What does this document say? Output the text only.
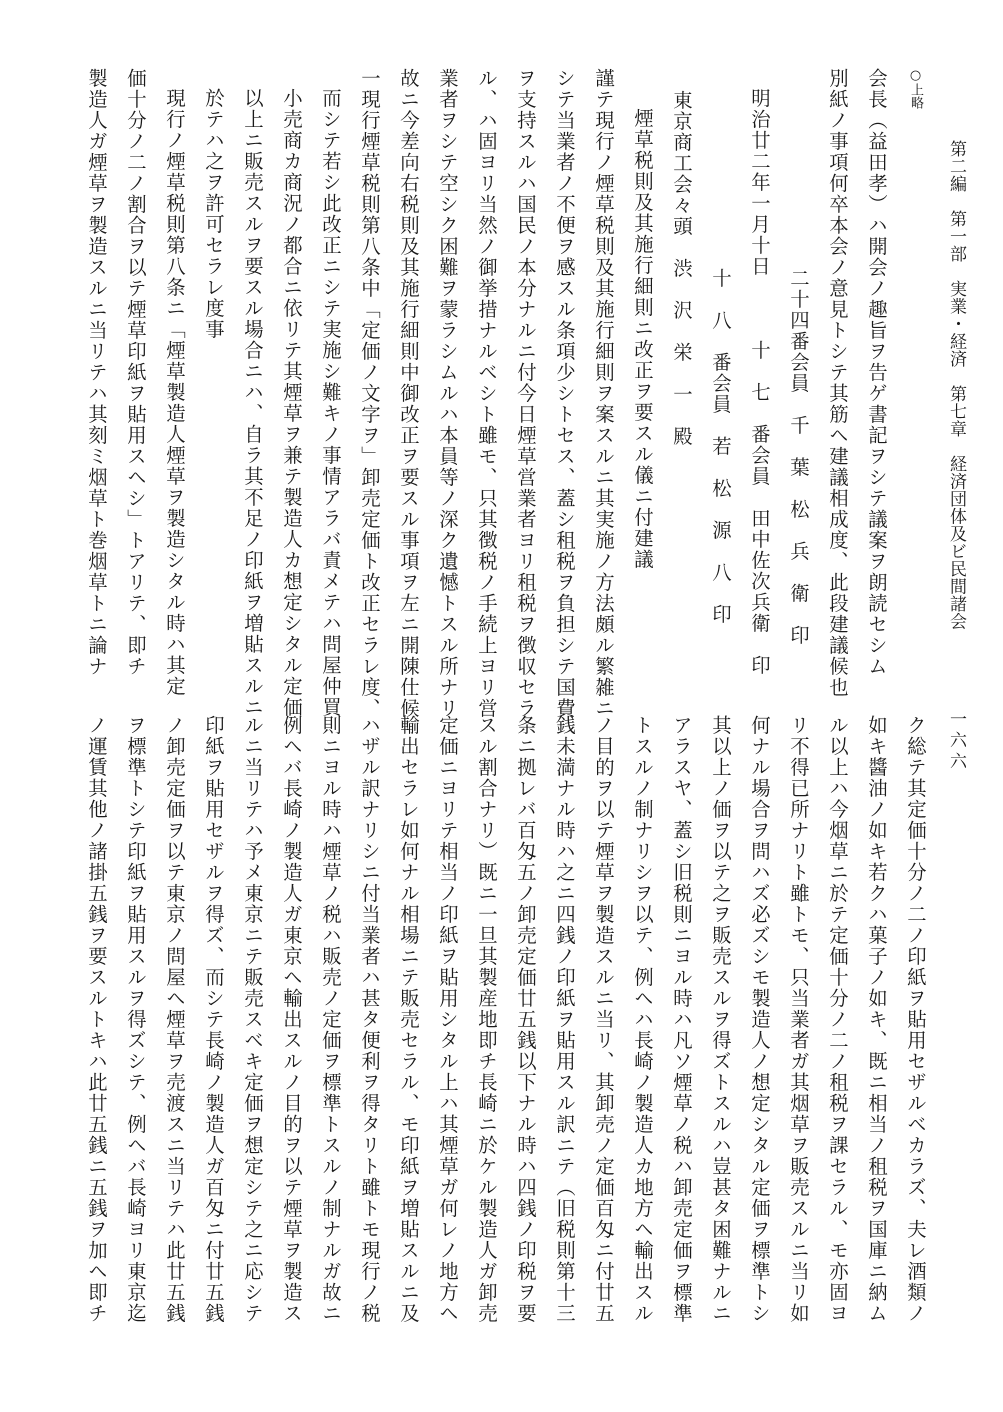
第二編　第一部　実業・経済　第七章　経済団体及ビ民間諸会
一六六
○上略
会長（益田孝）ハ開会ノ趣旨ヲ告ゲ書記ヲシテ議案ヲ朗読セシム
別紙ノ事項何卒本会ノ意見トシテ其筋ヘ建議相成度、此段建議候也
二十四番会員　千　葉　松　兵　衛　印
明治廿二年一月十日　　　十　七　番会員　田中佐次兵衛　印
十　八　番会員　若　松　源　八　印
東京商工会々頭　渋　沢　栄　一　殿
煙草税則及其施行細則ニ改正ヲ要スル儀ニ付建議
謹テ現行ノ煙草税則及其施行細則ヲ案スルニ其実施ノ方法頗ル繁雑ニ
シテ当業者ノ不便ヲ感スル条項少シトセス、蓋シ租税ヲ負担シテ国費
ヲ支持スルハ国民ノ本分ナルニ付今日煙草営業者ヨリ租税ヲ徴収セラ
ル、ハ固ヨリ当然ノ御挙措ナルベシト雖モ、只其徴税ノ手続上ヨリ営
業者ヲシテ空シク困難ヲ蒙ラシムルハ本員等ノ深ク遺憾トスル所ナリ
故ニ今差向右税則及其施行細則中御改正ヲ要スル事項ヲ左ニ開陳仕候
一現行煙草税則第八条中「定価ノ文字ヲ」卸売定価ト改正セラレ度、
而シテ若シ此改正ニシテ実施シ難キノ事情アラバ責メテハ問屋仲買
小売商カ商況ノ都合ニ依リテ其煙草ヲ兼テ製造人カ想定シタル定価
以上ニ販売スルヲ要スル場合ニハ、自ラ其不足ノ印紙ヲ増貼スルニ
於テハ之ヲ許可セラレ度事
現行ノ煙草税則第八条ニ「煙草製造人煙草ヲ製造シタル時ハ其定
価十分ノ二ノ割合ヲ以テ煙草印紙ヲ貼用スヘシ」トアリテ、即チ
製造人ガ煙草ヲ製造スルニ当リテハ其刻ミ烟草ト巻烟草トニ論ナ
ク総テ其定価十分ノ二ノ印紙ヲ貼用セザルベカラズ、夫レ酒類ノ
如キ醬油ノ如キ若クハ菓子ノ如キ、既ニ相当ノ租税ヲ国庫ニ納ム
ル以上ハ今烟草ニ於テ定価十分ノ二ノ租税ヲ課セラル、モ亦固ヨ
リ不得已所ナリト雖トモ、只当業者ガ其烟草ヲ販売スルニ当リ如
何ナル場合ヲ問ハズ必ズシモ製造人ノ想定シタル定価ヲ標準トシ
其以上ノ価ヲ以テ之ヲ販売スルヲ得ズトスルハ豈甚タ困難ナルニ
アラスヤ、蓋シ旧税則ニヨル時ハ凡ソ煙草ノ税ハ卸売定価ヲ標準
トスルノ制ナリシヲ以テ、例ヘハ長崎ノ製造人カ地方ヘ輸出スル
ノ目的ヲ以テ煙草ヲ製造スルニ当リ、其卸売ノ定価百匁ニ付廿五
銭未満ナル時ハ之ニ四銭ノ印紙ヲ貼用スル訳ニテ（旧税則第十三
条ニ拠レバ百匁五ノ卸売定価廿五銭以下ナル時ハ四銭ノ印税ヲ要
スル割合ナリ）既ニ一旦其製産地即チ長崎ニ於ケル製造人ガ卸売
定価ニヨリテ相当ノ印紙ヲ貼用シタル上ハ其煙草ガ何レノ地方ヘ
輸出セラレ如何ナル相場ニテ販売セラル、モ印紙ヲ増貼スルニ及
ハザル訳ナリシニ付当業者ハ甚タ便利ヲ得タリト雖トモ現行ノ税
則ニヨル時ハ煙草ノ税ハ販売ノ定価ヲ標準トスルノ制ナルガ故ニ
例ヘバ長崎ノ製造人ガ東京ヘ輸出スルノ目的ヲ以テ煙草ヲ製造ス
ルニ当リテハ予メ東京ニテ販売スベキ定価ヲ想定シテ之ニ応シテ
印紙ヲ貼用セザルヲ得ズ、而シテ長崎ノ製造人ガ百匁ニ付廿五銭
ノ卸売定価ヲ以テ東京ノ問屋ヘ煙草ヲ売渡スニ当リテハ此廿五銭
ヲ標準トシテ印紙ヲ貼用スルヲ得ズシテ、例ヘバ長崎ヨリ東京迄
ノ運賃其他ノ諸掛五銭ヲ要スルトキハ此廿五銭ニ五銭ヲ加ヘ即チ
